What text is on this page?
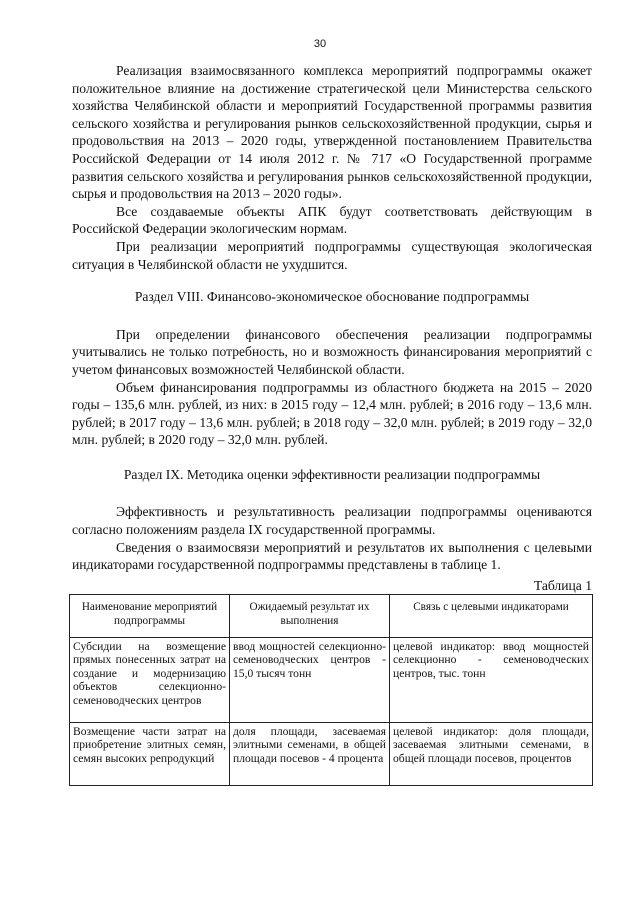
30

Реализация взаимосвязанного комплекса мероприятий подпрограммы окажет положительное влияние на достижение стратегической цели Министерства сельского хозяйства Челябинской области и мероприятий Государственной программы развития сельского хозяйства и регулирования рынков сельскохозяйственной продукции, сырья и продовольствия на 2013 – 2020 годы, утвержденной постановлением Правительства Российской Федерации от 14 июля 2012 г. № 717 «О Государственной программе развития сельского хозяйства и регулирования рынков сельскохозяйственной продукции, сырья и продовольствия на 2013 – 2020 годы».

Все создаваемые объекты АПК будут соответствовать действующим в Российской Федерации экологическим нормам.

При реализации мероприятий подпрограммы существующая экологическая ситуация в Челябинской области не ухудшится.

Раздел VIII. Финансово-экономическое обоснование подпрограммы

При определении финансового обеспечения реализации подпрограммы учитывались не только потребность, но и возможность финансирования мероприятий с учетом финансовых возможностей Челябинской области.

Объем финансирования подпрограммы из областного бюджета на 2015 – 2020 годы – 135,6 млн. рублей, из них: в 2015 году – 12,4 млн. рублей; в 2016 году – 13,6 млн. рублей; в 2017 году – 13,6 млн. рублей; в 2018 году – 32,0 млн. рублей; в 2019 году – 32,0 млн. рублей; в 2020 году – 32,0 млн. рублей.

Раздел IX. Методика оценки эффективности реализации подпрограммы

Эффективность и результативность реализации подпрограммы оцениваются согласно положениям раздела IX государственной программы.

Сведения о взаимосвязи мероприятий и результатов их выполнения с целевыми индикаторами государственной подпрограммы представлены в таблице 1.

Таблица 1

Наименование мероприятий подпрограммы	Ожидаемый результат их выполнения	Связь с целевыми индикаторами
Субсидии на возмещение прямых понесенных затрат на создание и модернизацию объектов селекционно-семеноводческих центров	ввод мощностей селекционно-семеноводческих центров - 15,0 тысяч тонн	целевой индикатор: ввод мощностей селекционно - семеноводческих центров, тыс. тонн
Возмещение части затрат на приобретение элитных семян, семян высоких репродукций	доля площади, засеваемая элитными семенами, в общей площади посевов - 4 процента	целевой индикатор: доля площади, засеваемая элитными семенами, в общей площади посевов, процентов
